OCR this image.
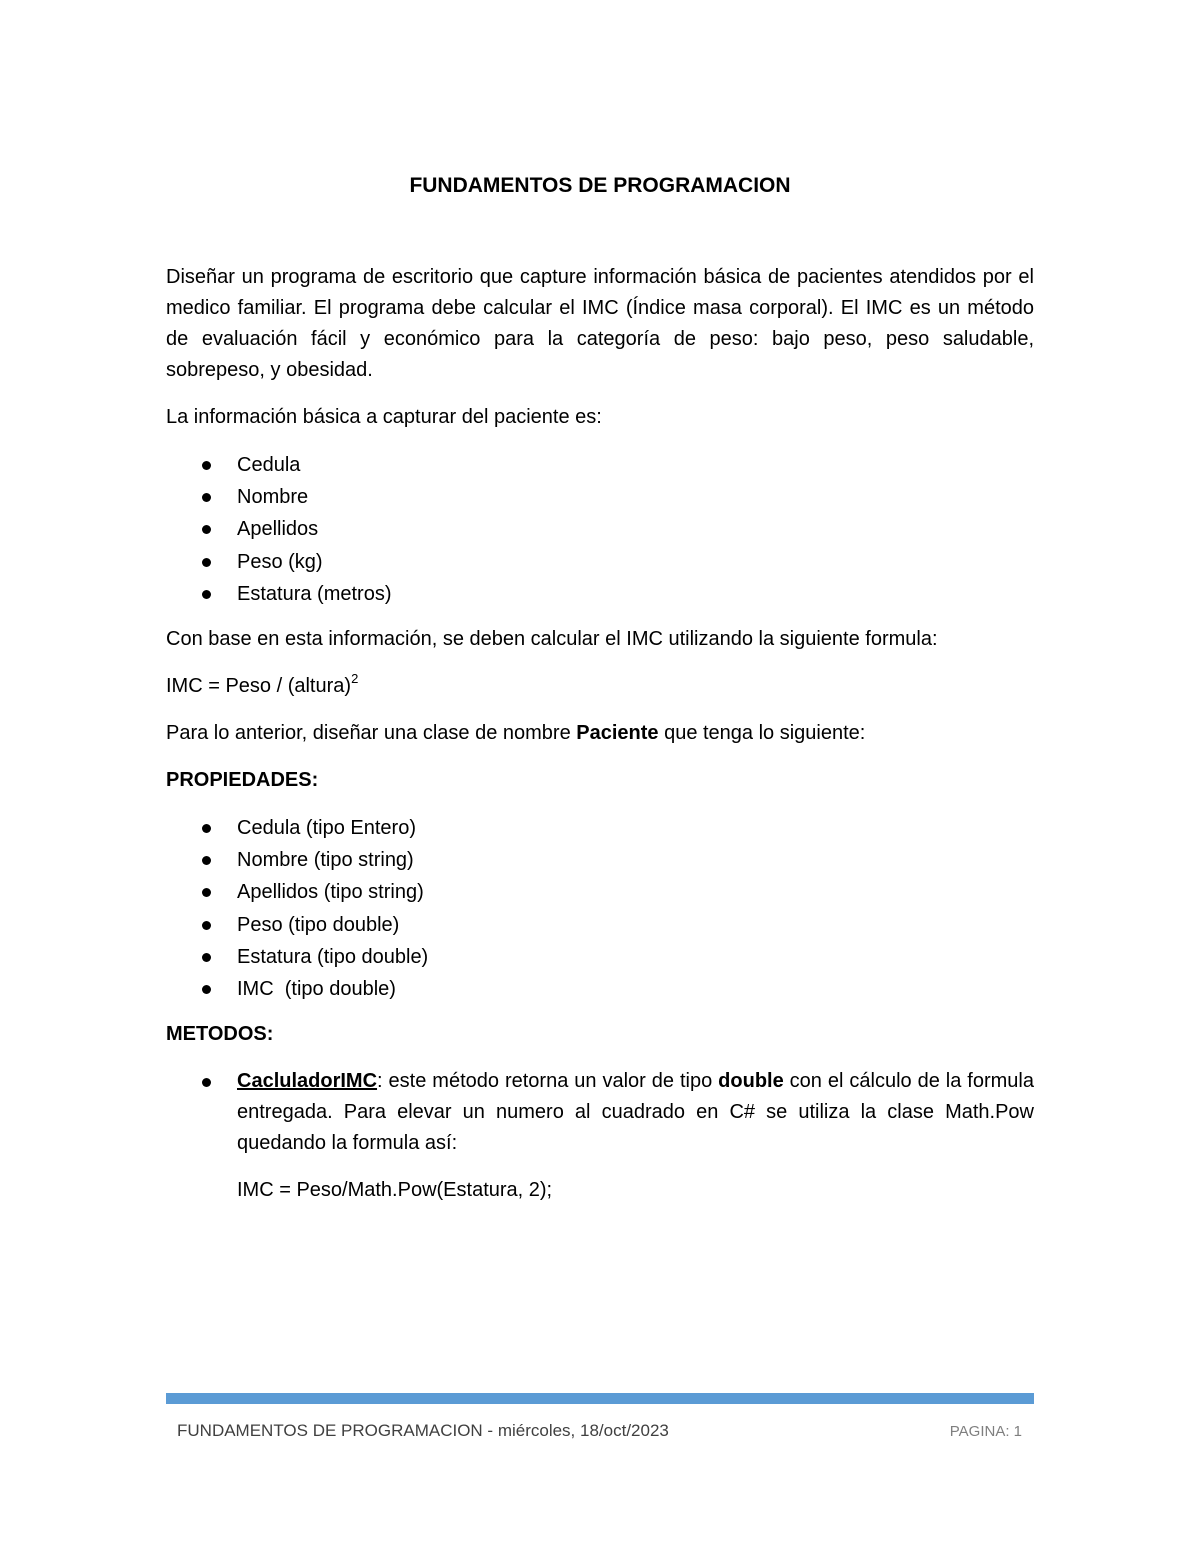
FUNDAMENTOS DE PROGRAMACION

Diseñar un programa de escritorio que capture información básica de pacientes atendidos por el medico familiar. El programa debe calcular el IMC (Índice masa corporal). El IMC es un método de evaluación fácil y económico para la categoría de peso: bajo peso, peso saludable, sobrepeso, y obesidad.

La información básica a capturar del paciente es:

Cedula
Nombre
Apellidos
Peso (kg)
Estatura (metros)

Con base en esta información, se deben calcular el IMC utilizando la siguiente formula:

IMC = Peso / (altura)$^2$

Para lo anterior, diseñar una clase de nombre Paciente que tenga lo siguiente:

PROPIEDADES:

Cedula (tipo Entero)
Nombre (tipo string)
Apellidos (tipo string)
Peso (tipo double)
Estatura (tipo double)
IMC  (tipo double)

METODOS:

CacluladorIMC: este método retorna un valor de tipo double con el cálculo de la formula entregada. Para elevar un numero al cuadrado en C# se utiliza la clase Math.Pow quedando la formula así:

IMC = Peso/Math.Pow(Estatura, 2);

FUNDAMENTOS DE PROGRAMACION - miércoles, 18/oct/2023	PAGINA: 1
